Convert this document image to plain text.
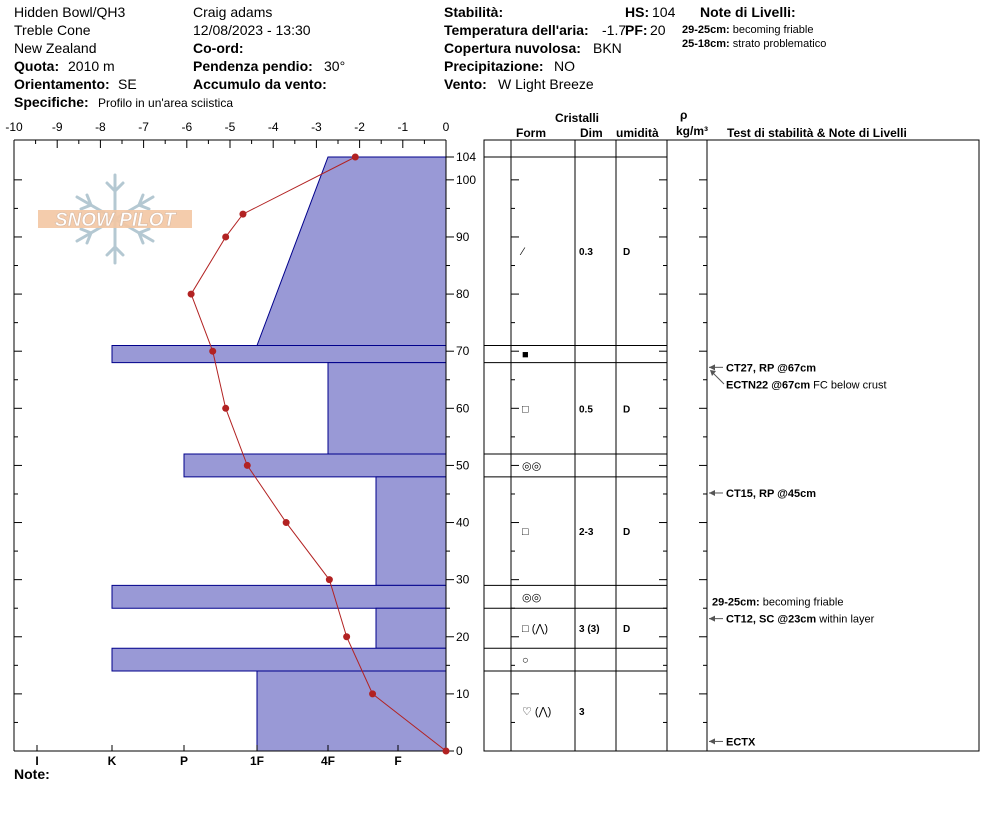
Hidden Bowl/QH3
Treble Cone
New Zealand
Quota: 2010 m
Orientamento: SE
Specifiche: Profilo in un'area sciistica
Craig adams
12/08/2023 - 13:30
Co-ord:
Pendenza pendio: 30°
Accumulo da vento:
Stabilità:
Temperatura dell'aria: -1.7
Copertura nuvolosa: BKN
Precipitazione: NO
Vento: W Light Breeze
HS: 104
PF: 20
Note di Livelli:
29-25cm: becoming friable
25-18cm: strato problematico
SNOW PILOT
-10 -9	-8	-7	-6	-5	-4	-3	-2	-1	0
0
10
20
30
40
50
60
70
80
90
100
104
I	K	P	1F	4F	F
⁄	0.3	D
■
□	0.5	D
◎◎
□	2-3	D
◎◎
□ (⋀)	3 (3) D
○
♡ (⋀)	3
CT27, RP @67cm
ECTN22 @67cm FC below crust
CT15, RP @45cm
29-25cm: becoming friable
CT12, SC @23cm within layer
ECTX
Cristalli
Form	Dim umidità
ρ
kg/m³ Test di stabilità & Note di Livelli
Note:
